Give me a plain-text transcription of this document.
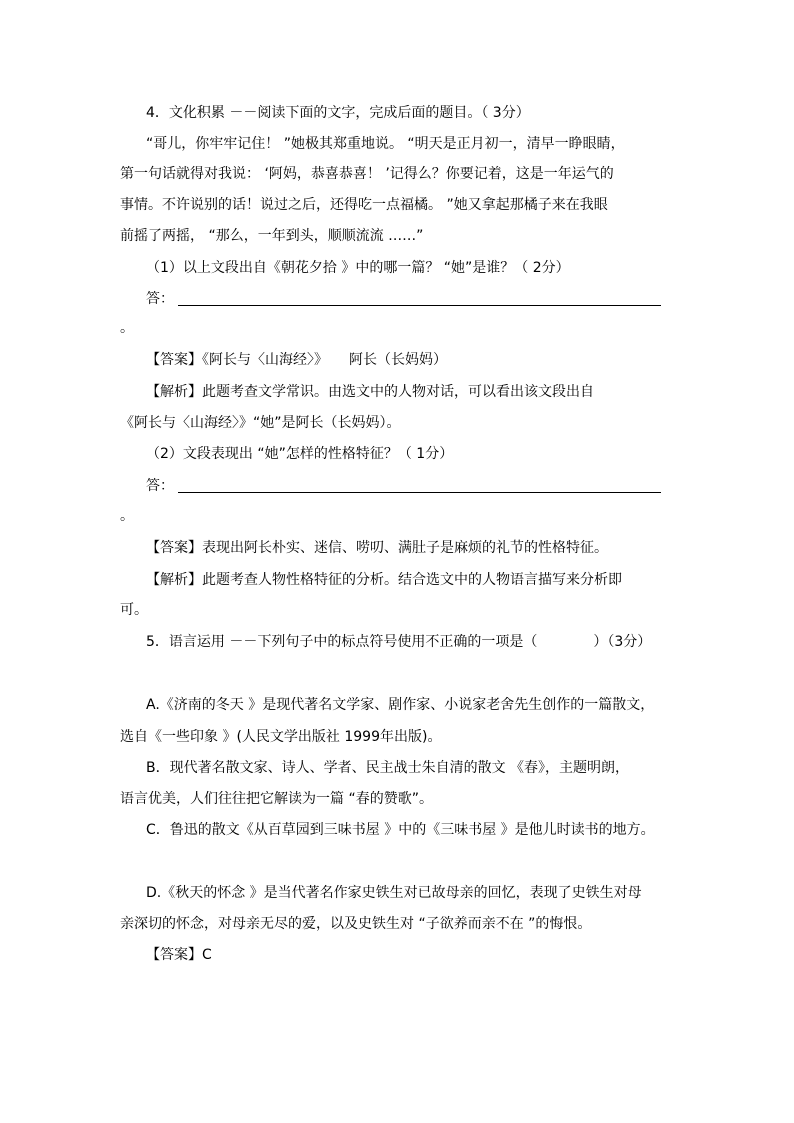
4．文化积累 －－阅读下面的文字，完成后面的题目。（ 3分）
“哥儿，你牢牢记住！ ”她极其郑重地说。 “明天是正月初一，清早一睁眼睛，
第一句话就得对我说： ‘阿妈，恭喜恭喜！ ’记得么？你要记着，这是一年运气的
事情。不许说别的话！说过之后，还得吃一点福橘。 ”她又拿起那橘子来在我眼
前摇了两摇， “那么，一年到头，顺顺流流 ……”
（1）以上文段出自《朝花夕拾 》中的哪一篇？ “她”是谁？（ 2分）
答：
。
【答案】《阿长与〈山海经〉》　　阿长（长妈妈）
【解析】此题考查文学常识。由选文中的人物对话，可以看出该文段出自
《阿长与〈山海经〉》“她”是阿长（长妈妈）。
（2）文段表现出 “她”怎样的性格特征？（ 1分）
答：
。
【答案】表现出阿长朴实、迷信、唠叨、满肚子是麻烦的礼节的性格特征。
【解析】此题考查人物性格特征的分析。结合选文中的人物语言描写来分析即
可。
5．语言运用 －－下列句子中的标点符号使用不正确的一项是（　　　　）（3分）
A.《济南的冬天 》是现代著名文学家、剧作家、小说家老舍先生创作的一篇散文，
选自《一些印象 》(人民文学出版社 1999年出版)。
B．现代著名散文家、诗人、学者、民主战士朱自清的散文 《春》，主题明朗，
语言优美，人们往往把它解读为一篇 “春的赞歌”。
C．鲁迅的散文《从百草园到三味书屋 》中的《三味书屋 》是他儿时读书的地方。
D.《秋天的怀念 》是当代著名作家史铁生对已故母亲的回忆，表现了史铁生对母
亲深切的怀念，对母亲无尽的爱，以及史铁生对 “子欲养而亲不在 ”的悔恨。
【答案】C
